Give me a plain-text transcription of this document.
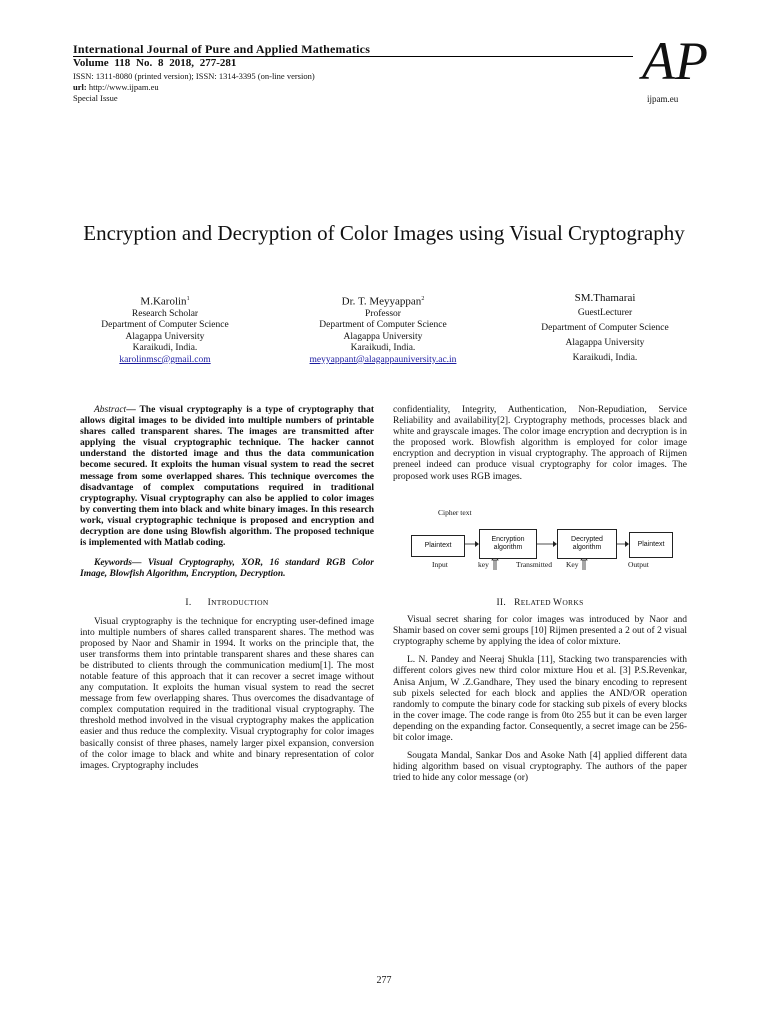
International Journal of Pure and Applied Mathematics
Volume 118 No. 8 2018, 277-281
ISSN: 1311-8080 (printed version); ISSN: 1314-3395 (on-line version)
url: http://www.ijpam.eu
Special Issue
AP
ijpam.eu
Encryption and Decryption of Color Images using Visual Cryptography
M.Karolin$^1$
Research Scholar
Department of Computer Science
Alagappa University
Karaikudi, India.
karolinmsc@gmail.com
Dr. T. Meyyappan$^2$
Professor
Department of Computer Science
Alagappa University
Karaikudi, India.
meyyappant@alagappauniversity.ac.in
SM.Thamarai
GuestLecturer
Department of Computer Science
Alagappa University
Karaikudi, India.

Abstract— The visual cryptography is a type of cryptography that allows digital images to be divided into multiple numbers of printable shares called transparent shares. The images are transmitted after applying the visual cryptographic technique. The hacker cannot understand the distorted image and thus the data communication become secured. It exploits the human visual system to read the secret message from some overlapped shares. This technique overcomes the disadvantage of complex computations required in traditional cryptography. Visual cryptography can also be applied to color images by converting them into black and white binary images. In this research work, visual cryptographic technique is proposed and encryption and decryption are done using Blowfish algorithm. The proposed technique is implemented with Matlab coding.

Keywords— Visual Cryptography, XOR, 16 standard RGB Color Image, Blowfish Algorithm, Encryption, Decryption.

I. INTRODUCTION

Visual cryptography is the technique for encrypting user-defined image into multiple numbers of shares called transparent shares. The method was proposed by Naor and Shamir in 1994. It works on the principle that, the user transforms them into printable transparent shares and these shares can be distributed to clients through the communication medium[1]. The most notable feature of this approach that it can recover a secret image without any computation. It exploits the human visual system to read the secret message from few overlapping shares. Thus overcomes the disadvantage of complex computation required in the traditional visual cryptography. The threshold method involved in the visual cryptography makes the application easier and thus reduce the complexity. Visual cryptography for color images basically consist of three phases, namely larger pixel expansion, conversion of the color image to black and white and binary representation of color images. Cryptography includes

confidentiality, Integrity, Authentication, Non-Repudiation, Service Reliability and availability[2]. Cryptography methods, processes black and white and grayscale images. The color image encryption and decryption is in the proposed work. Blowfish algorithm is employed for color image encryption and decryption in visual cryptography. The approach of Rijmen preneel indeed can produce visual cryptography for color images. The proposed work uses RGB images.

Cipher text
Plaintext
Encryption algorithm
Decrypted algorithm	Plaintext
Input	key	Transmitted Key	Output
II. RELATED WORKS

Visual secret sharing for color images was introduced by Naor and Shamir based on cover semi groups [10] Rijmen presented a 2 out of 2 visual cryptography scheme by applying the idea of color mixture.

L. N. Pandey and Neeraj Shukla [11], Stacking two transparencies with different colors gives new third color mixture Hou et al. [3] P.S.Revenkar, Anisa Anjum, W .Z.Gandhare, They used the binary encoding to represent sub pixels selected for each block and applies the AND/OR operation randomly to compute the binary code for stacking sub pixels of every blocks in the cover image. The code range is from 0to 255 but it can be even larger depending on the expanding factor. Consequently, a secret image can be 256-bit color image.

Sougata Mandal, Sankar Dos and Asoke Nath [4] applied different data hiding algorithm based on visual cryptography. The authors of the paper tried to hide any color message (or)

277
